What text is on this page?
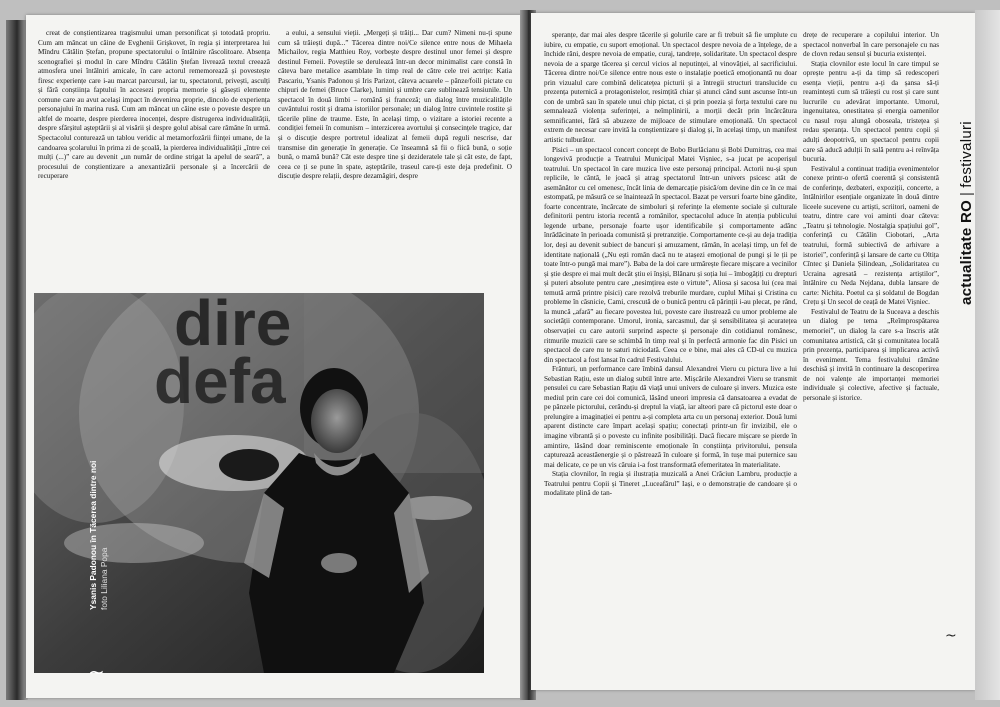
creat de conștientizarea tragismului uman personificat și totodată propriu. Cum am mâncat un câine de Evghenii Grișkovet, în regia și interpretarea lui Mîndru Cătălin Ștefan, propune spectatorului o întâlnire răscolitoare. Absența scenografiei și modul în care Mîndru Cătălin Ștefan livrează textul creează atmosfera unei întâlniri amicale, în care actorul rememorează și povestește firesc experiențe care i-au marcat parcursul, iar tu, spectatorul, privești, asculți și fără conștiința faptului în accesezi propria memorie și găsești elemente comune care au avut același impact în devenirea proprie, dincolo de experiența personajului în marina rusă. Cum am mâncat un câine este o poveste despre un altfel de moarte, despre pierderea inocenței, despre distrugerea individualității, despre sfârșitul așteptării și al visării și despre golul abisal care rămâne în urmă. Spectacolul conturează un tablou veridic al metamorfozării ființei umane, de la candoarea școlarului în prima zi de școală, la pierderea individualității „între cei mulți (...)” care au devenit „un număr de ordine strigat la apelul de seară”, a procesului de conștientizare a anexantizării personale și a încercării de recuperare

a eului, a sensului vieții. „Mergeți și trăiți... Dar cum? Nimeni nu-ți spune cum să trăiești după...” Tăcerea dintre noi/Ce silence entre nous de Mihaela Michailov, regia Matthieu Roy, vorbește despre destinul unor femei și despre destinul Femeii. Poveștile se derulează într-un decor minimalist care constă în câteva bare metalice asamblate în timp real de către cele trei actrițe: Katia Pascariu, Ysanis Padonou și Iris Parizot, câteva acuarele – pânze/foili pictate cu chipuri de femei (Bruce Clarke), lumini și umbre care sublinează tensiunile. Un spectacol în două limbi – română și franceză; un dialog între muzicalitățile cuvântului rostit și drama istoriilor personale; un dialog între cuvintele rostite și tăcerile pline de traume. Este, în același timp, o vizitare a istoriei recente a condiției femeii în comunism – interzicerea avortului și consecințele tragice, dar și o discuție despre portretul idealizat al femeii după reguli nescrise, dar transmise din generație în generație. Ce înseamnă să fii o fiică bună, o soție bună, o mamă bună? Cât este despre tine și dezideratele tale și cât este, de fapt, ceea ce ți se pune în spate, așteptările, traseul care-ți este deja predefinit. O discuție despre relații, despre dezamăgiri, despre

dire
defa
Ysanis Padonou în Tăcerea dintre noi foto Liliana Popa
~

speranțe, dar mai ales despre tăcerile și golurile care ar fi trebuit să fie umplute cu iubire, cu empatie, cu suport emoțional. Un spectacol despre nevoia de a înțelege, de a închide răni, despre nevoia de empatie, curaj, tandrețe, solidaritate. Un spectacol despre nevoia de a sparge tăcerea și cercul vicios al neputinței, al vinovăției, al sacrificiului. Tăcerea dintre noi/Ce silence entre nous este o instalație poetică emoționantă nu doar prin vizualul care combină delicatețea picturii și a întregii structuri translucide cu prezența puternică a protagonistelor, resimțită chiar și atunci când sunt ascunse într-un con de umbră sau în spatele unui chip pictat, ci și prin poezia și forța textului care nu semnalează violența suferinței, a neîmplinirii, a morții decât prin încărcătura semnificantei, fără să abuzeze de mijloace de stimulare emoțională. Un spectacol extrem de necesar care invită la conștientizare și dialog și, în același timp, un manifest artistic tulburător.

Pisici – un spectacol concert concept de Bobo Burlăcianu și Bobi Dumitraș, cea mai longevivă producție a Teatrului Municipal Matei Vișniec, s-a jucat pe acoperișul teatrului. Un spectacol în care muzica live este personaj principal. Actorii nu-și spun replicile, le cântă, le joacă și atrag spectatorul într-un univers psicesc atât de asemănător cu cel omenesc, încât linia de demarcație pisică/om devine din ce în ce mai estompată, pe măsură ce se înaintează în spectacol. Bazat pe versuri foarte bine gândite, foarte concentrate, încărcate de simboluri și referințe la elemente sociale și culturale definitorii pentru istoria recentă a românilor, spectacolul aduce în atenția publicului legende urbane, personaje foarte ușor identificabile și comportamente adânc înrădăcinate în perioada comunistă și pretranziție. Comportamente ce-și au deja tradiția lor, deși au devenit subiect de bancuri și amuzament, rămân, în același timp, un fel de identitate națională („Nu ești român dacă nu te atașezi emoțional de pungi și le ții pe toate într-o pungă mai mare”). Baba de la doi care urmărește fiecare mișcare a vecinilor și știe despre ei mai mult decât știu ei înșiși, Blănaru și soția lui – îmbogățiți cu drepturi și puteri absolute pentru care „nesimțirea este o virtute”, Aliosa și sacosa lui (cea mai temută armă printre pisici) care rezolvă treburile murdare, cuplul Mihai și Cristina cu probleme în căsnicie, Cami, crescută de o bunică pentru că părinții i-au plecat, pe rând, la muncă „afară” au fiecare povestea lui, poveste care ilustrează cu umor probleme ale societății contemporane. Umorul, ironia, sarcasmul, dar și sensibilitatea și acuratețea observației cu care autorii surprind aspecte și personaje din cotidianul românesc, ritmurile muzicii care se schimbă în timp real și în perfectă armonie fac din Pisici un spectacol de care nu te saturi niciodată. Ceea ce e bine, mai ales că CD-ul cu muzica din spectacol a fost lansat în cadrul Festivalului.

Frânturi, un performance care îmbină dansul Alexandrei Vieru cu pictura live a lui Sebastian Rațiu, este un dialog subtil între arte. Mișcările Alexandrei Vieru se transmit pensulei cu care Sebastian Rațiu dă viață unui univers de culoare și invers. Muzica este mediul prin care cei doi comunică, lăsând uneori impresia că dansatoarea a evadat de pe pânzele pictorului, cerându-și dreptul la viață, iar alteori pare că pictorul este doar o prelungire a imaginației ei pentru a-și completa arta cu un personaj exterior. Două lumi aparent distincte care împart același spațiu; conectați printr-un fir invizibil, ele o imagine vibrantă și o poveste cu infinite posibilități. Dacă fiecare mișcare se pierde în amintire, lăsând doar reminiscente emoționale în conștiința privitorului, pensula capturează aceastăenergie și o păstrează în culoare și formă, în tușe mai puternice sau mai delicate, ce pe un vis căruia i-a fost transformată efemeritatea în materialitate.

Stația clovnilor, în regia și ilustrația muzicală a Anei Crăciun Lambru, producție a Teatrului pentru Copii și Tineret „Luceafărul” Iași, e o demonstrație de candoare și o modalitate plină de tan-

drețe de recuperare a copilului interior. Un spectacol nonverbal în care personajele cu nas de clovn redau sensul și bucuria existenței.

Stația clovnilor este locul în care timpul se oprește pentru a-ți da timp să redescoperi esența vieții, pentru a-ți da șansa să-ți reamintești cum să trăiești cu rost și care sunt lucrurile cu adevărat importante. Umorul, ingenuitatea, onestitatea și energia oamenilor cu nasul roșu alungă oboseala, tristețea și redau speranța. Un spectacol pentru copii și adulți deopotrivă, un spectacol pentru copii care să aducă adulții în sală pentru a-i reînvăța bucuria.

Festivalul a continuat tradiția evenimentelor conexe printr-o ofertă coerentă și consistentă de conferințe, dezbateri, expoziții, concerte, a întâlnirilor esențiale organizate în două dintre liceele sucevene cu artiști, scriitori, oameni de teatru, dintre care voi aminti doar câteva: „Teatru și tehnologie. Nostalgia spațiului gol”, conferință cu Cătălin Ciobotari, „Arta teatrului, formă subiectivă de arhivare a istoriei”, conferință și lansare de carte cu Oltița Cîntec și Daniela Șilindean, „Solidaritatea cu Ucraina agresată – rezistența artiștilor”, întâlnire cu Neda Nejdana, dubla lansare de carte: Nichita. Poetul ca și soldatul de Bogdan Crețu și Un secol de ceață de Matei Vișniec.

Festivalul de Teatru de la Suceava a deschis un dialog pe tema „Reîmprospătarea memoriei”, un dialog la care s-a înscris atât comunitatea artistică, cât și comunitatea locală prin prezența, participarea și implicarea activă în eveniment. Tema festivalului rămâne deschisă și invită în continuare la descoperirea de noi valențe ale importanței memoriei individuale și colective, afective și factuale, personale și istorice.

actualitate RO|festivaluri
~
